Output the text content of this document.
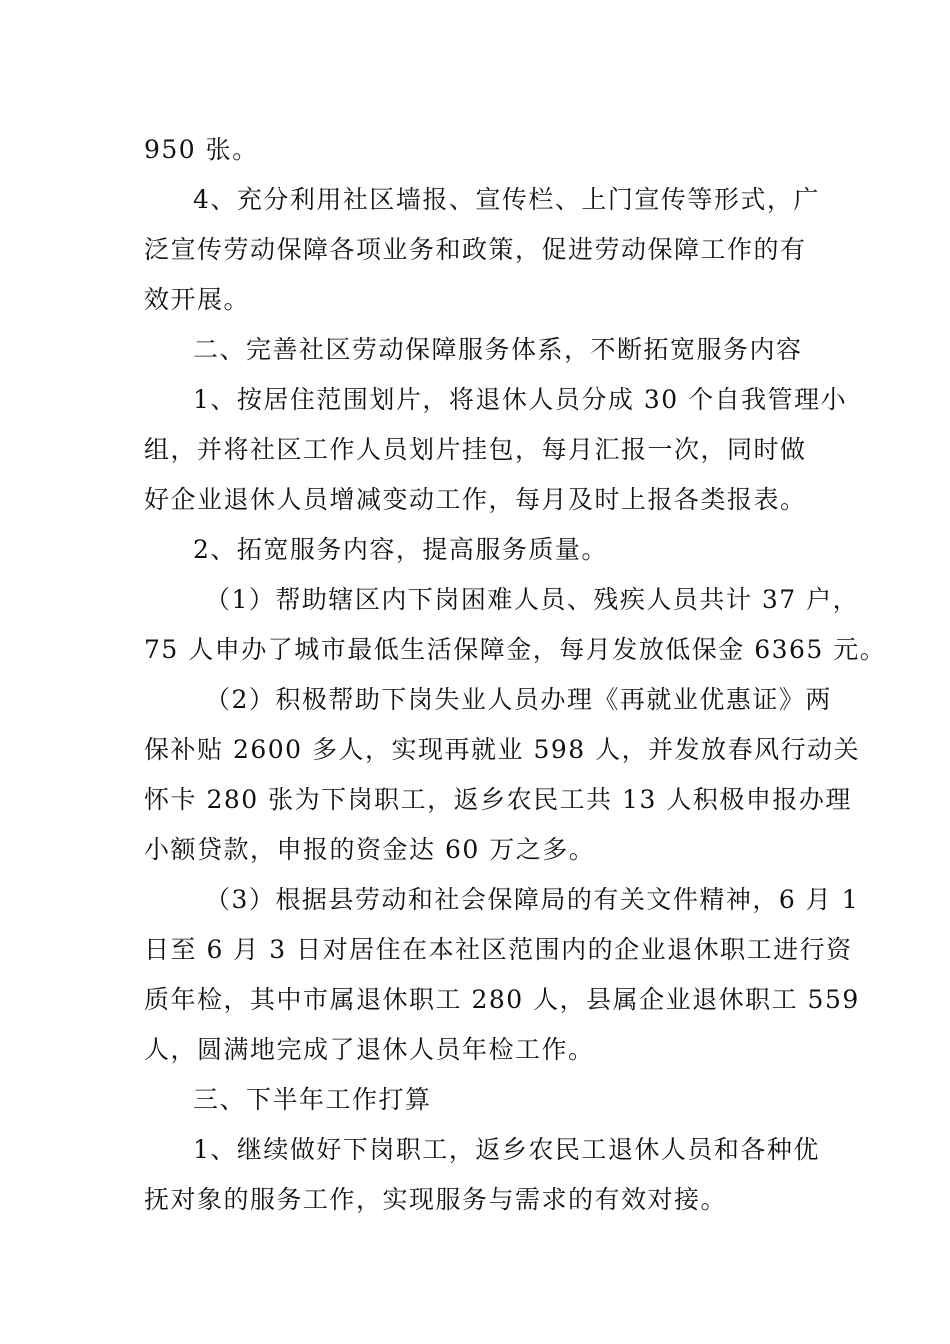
950 张。
4、充分利用社区墙报、宣传栏、上门宣传等形式，广
泛宣传劳动保障各项业务和政策，促进劳动保障工作的有
效开展。
二、完善社区劳动保障服务体系，不断拓宽服务内容
1、按居住范围划片，将退休人员分成 30 个自我管理小
组，并将社区工作人员划片挂包，每月汇报一次，同时做
好企业退休人员增减变动工作，每月及时上报各类报表。
2、拓宽服务内容，提高服务质量。
（1）帮助辖区内下岗困难人员、残疾人员共计 37 户，
75 人申办了城市最低生活保障金，每月发放低保金 6365 元。
（2）积极帮助下岗失业人员办理《再就业优惠证》两
保补贴 2600 多人，实现再就业 598 人，并发放春风行动关
怀卡 280 张为下岗职工，返乡农民工共 13 人积极申报办理
小额贷款，申报的资金达 60 万之多。
（3）根据县劳动和社会保障局的有关文件精神，6 月 1
日至 6 月 3 日对居住在本社区范围内的企业退休职工进行资
质年检，其中市属退休职工 280 人，县属企业退休职工 559
人，圆满地完成了退休人员年检工作。
三、下半年工作打算
1、继续做好下岗职工，返乡农民工退休人员和各种优
抚对象的服务工作，实现服务与需求的有效对接。
